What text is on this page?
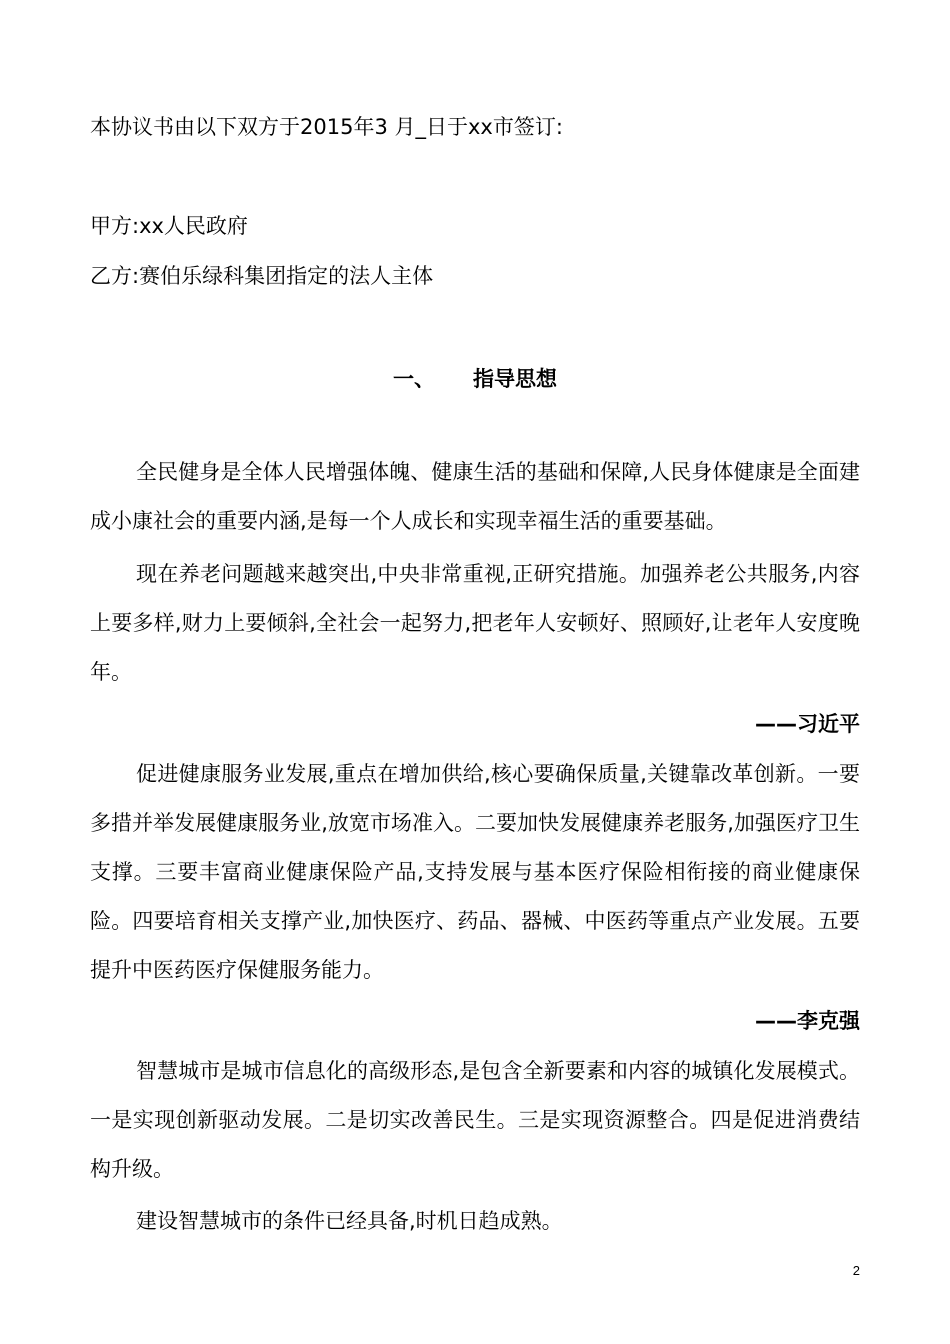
本协议书由以下双方于2015年3 月_日于xx市签订:
甲方:xx人民政府
乙方:赛伯乐绿科集团指定的法人主体
一、 指导思想
全民健身是全体人民增强体魄、健康生活的基础和保障,人民身体健康是全面建成小康社会的重要内涵,是每一个人成长和实现幸福生活的重要基础。
现在养老问题越来越突出,中央非常重视,正研究措施。加强养老公共服务,内容上要多样,财力上要倾斜,全社会一起努力,把老年人安顿好、照顾好,让老年人安度晚年。
——习近平
促进健康服务业发展,重点在增加供给,核心要确保质量,关键靠改革创新。一要多措并举发展健康服务业,放宽市场准入。二要加快发展健康养老服务,加强医疗卫生支撑。三要丰富商业健康保险产品,支持发展与基本医疗保险相衔接的商业健康保险。四要培育相关支撑产业,加快医疗、药品、器械、中医药等重点产业发展。五要提升中医药医疗保健服务能力。
——李克强
智慧城市是城市信息化的高级形态,是包含全新要素和内容的城镇化发展模式。一是实现创新驱动发展。二是切实改善民生。三是实现资源整合。四是促进消费结构升级。
建设智慧城市的条件已经具备,时机日趋成熟。
2
